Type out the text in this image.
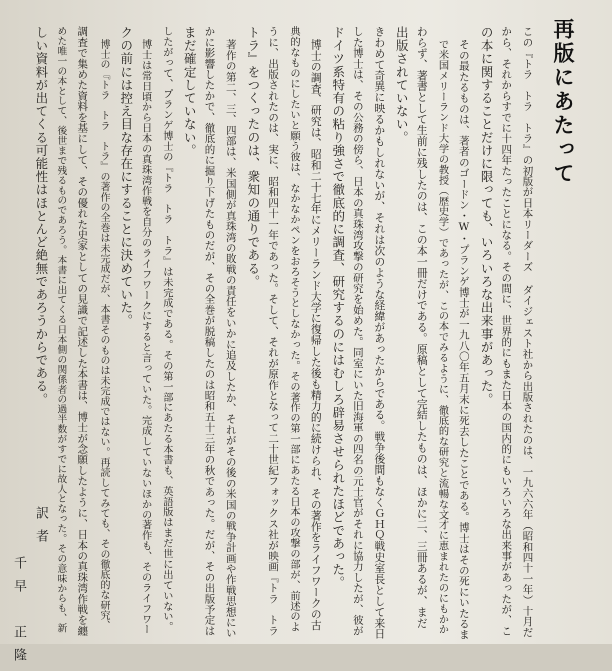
再版にあたって
この『トラ　トラ　トラ』の初版が日本リーダーズ ダイジェスト社から出版されたのは、一九六六年（昭和四十一年）十月だ
から、それからすでに十四年たったことになる。その間に、世界的にもまた日本の国内的にもいろいろな出来事があったが、こ
の本に関することだけに限っても、いろいろな出来事があった。
その最たるものは、著者のゴードン・W・プランゲ博士が一九八〇年五月末に死去したことである。博士はその死にいたるま
で米国メリーランド大学の教授（歴史学）であったが、この本でみるように、徹底的な研究と流暢な文才に恵まれたのにもかか
わらず、著書として生前に残したのは、この本一冊だけである。原稿として完結したものは、ほかに二、三冊あるが、まだ
出版されていない。
きわめて奇異に映るかもしれないが、それは次のような経緯があったからである。戦争後間もなくＧＨＱ戦史室長として来日
した博士は、その公務の傍ら、日本の真珠湾攻撃の研究を始めた。同室にいた旧海軍の四名の元士官がそれに協力したが、彼が
ドイツ系特有の粘り強さで徹底的に調査、研究するのにはむしろ辟易させられたほどであった。
博士の調査、研究は、昭和二十七年にメリーランド大学に復帰した後も精力的に続けられ、その著作をライフワークの古
典的なものにしたいと願う彼は、なかなかペンをおろそうとしなかった。その著作の第一部にあたる日本の攻撃の部が、前述のよ
うに、出版されたのは、実に、昭和四十一年であった。そして、それが原作となって二十世紀フォックス社が映画『トラ　トラ
トラ』をつくったのは、衆知の通りである。
著作の第二、三、四部は、米国側が真珠湾の敗戦の責任をいかに追及したか、それがその後の米国の戦争計画や作戦思想にい
かに影響したかで、徹底的に掘り下げたものだが、その全巻が脱稿したのは昭和五十三年の秋であった。だが、その出版予定は
まだ確定していない。
したがって、プランゲ博士の『トラ　トラ　トラ』は未完成である。その第一部にあたる本書も、英語版はまだ世に出ていない。
博士は常日頃から日本の真珠湾作戦を自分のライフワークにすると言っていた。完成していないほかの著作も、そのライフワー
クの前には控え目な存在にすることに決めていた。
博士の『トラ　トラ　トラ』の著作の全巻は未完成だが、本書そのものは未完成ではない。再読してみても、その徹底的な研究、
調査で集めた資料を基にして、その優れた史家としての見識で記述した本書は、博士が念願したように、日本の真珠湾作戦を纏
めた唯一の本として、後世まで残るものであろう。本書に出てくる日本側の関係者の過半数がすでに故人となった。その意味からも、新
しい資料が出てくる可能性はほとんど絶無であろうからである。
訳者
千早　正隆
